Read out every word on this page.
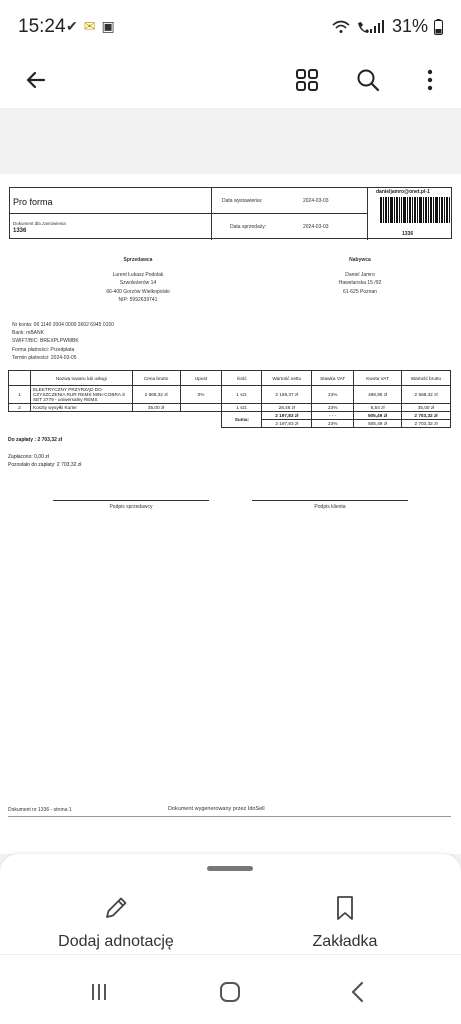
15:24 ✔ ✉ ▣	31%
Pro forma
Dokument dla zamówienia
1336
Data wystawienia:	2024-03-03
Data sprzedaży:	2024-03-03
danieljamro@onet.pl-1
1336
Sprzedawca
Lurent Łukasz Podolak
Szwoleżerów 14
66-400 Gorzów Wielkopolski
NIP: 5992639741
Nabywca
Daniel Jamro
Hawelanska 15 /92
61-625 Poznan
Nr konta: 06 1140 2004 0000 3602 6945 0150
Bank: mBANK
SWIFT/BIC: BREXPLPWMBK
Forma płatności: Przedpłata
Termin płatności: 2024-03-05
	Nazwa towaru lub usługi	Cena brutto	Upust	Ilość	Wartość netto	Stawka VAT	Kwota VAT	Wartość brutto
1	ELEKTRYCZNY PRZYRZĄD DO CZYSZCZENIA RUR REMS MINI-COBRA S SET 2779 - uniwersalny REMS	2 668,32 zł	0%	1 szt.	2 169,37 zł	23%	498,95 zł	2 668,32 zł
2	Koszty wysyłki Kurier	35,00 zł		1 szt.	28,46 zł	23%	6,54 zł	35,00 zł
				Suma:	2 197,83 zł	- - -	505,49 zł	2 703,32 zł
					2 197,83 zł	23%	505,49 zł	2 703,32 zł
Do zapłaty : 2 703,32 zł
Zapłacono: 0,00 zł
Pozostało do zapłaty: 2 703,32 zł
Podpis sprzedawcy	Podpis klienta
Dokument nr 1336 - strona 1	Dokument wygenerowany przez IdoSell
Dodaj adnotację	Zakładka
